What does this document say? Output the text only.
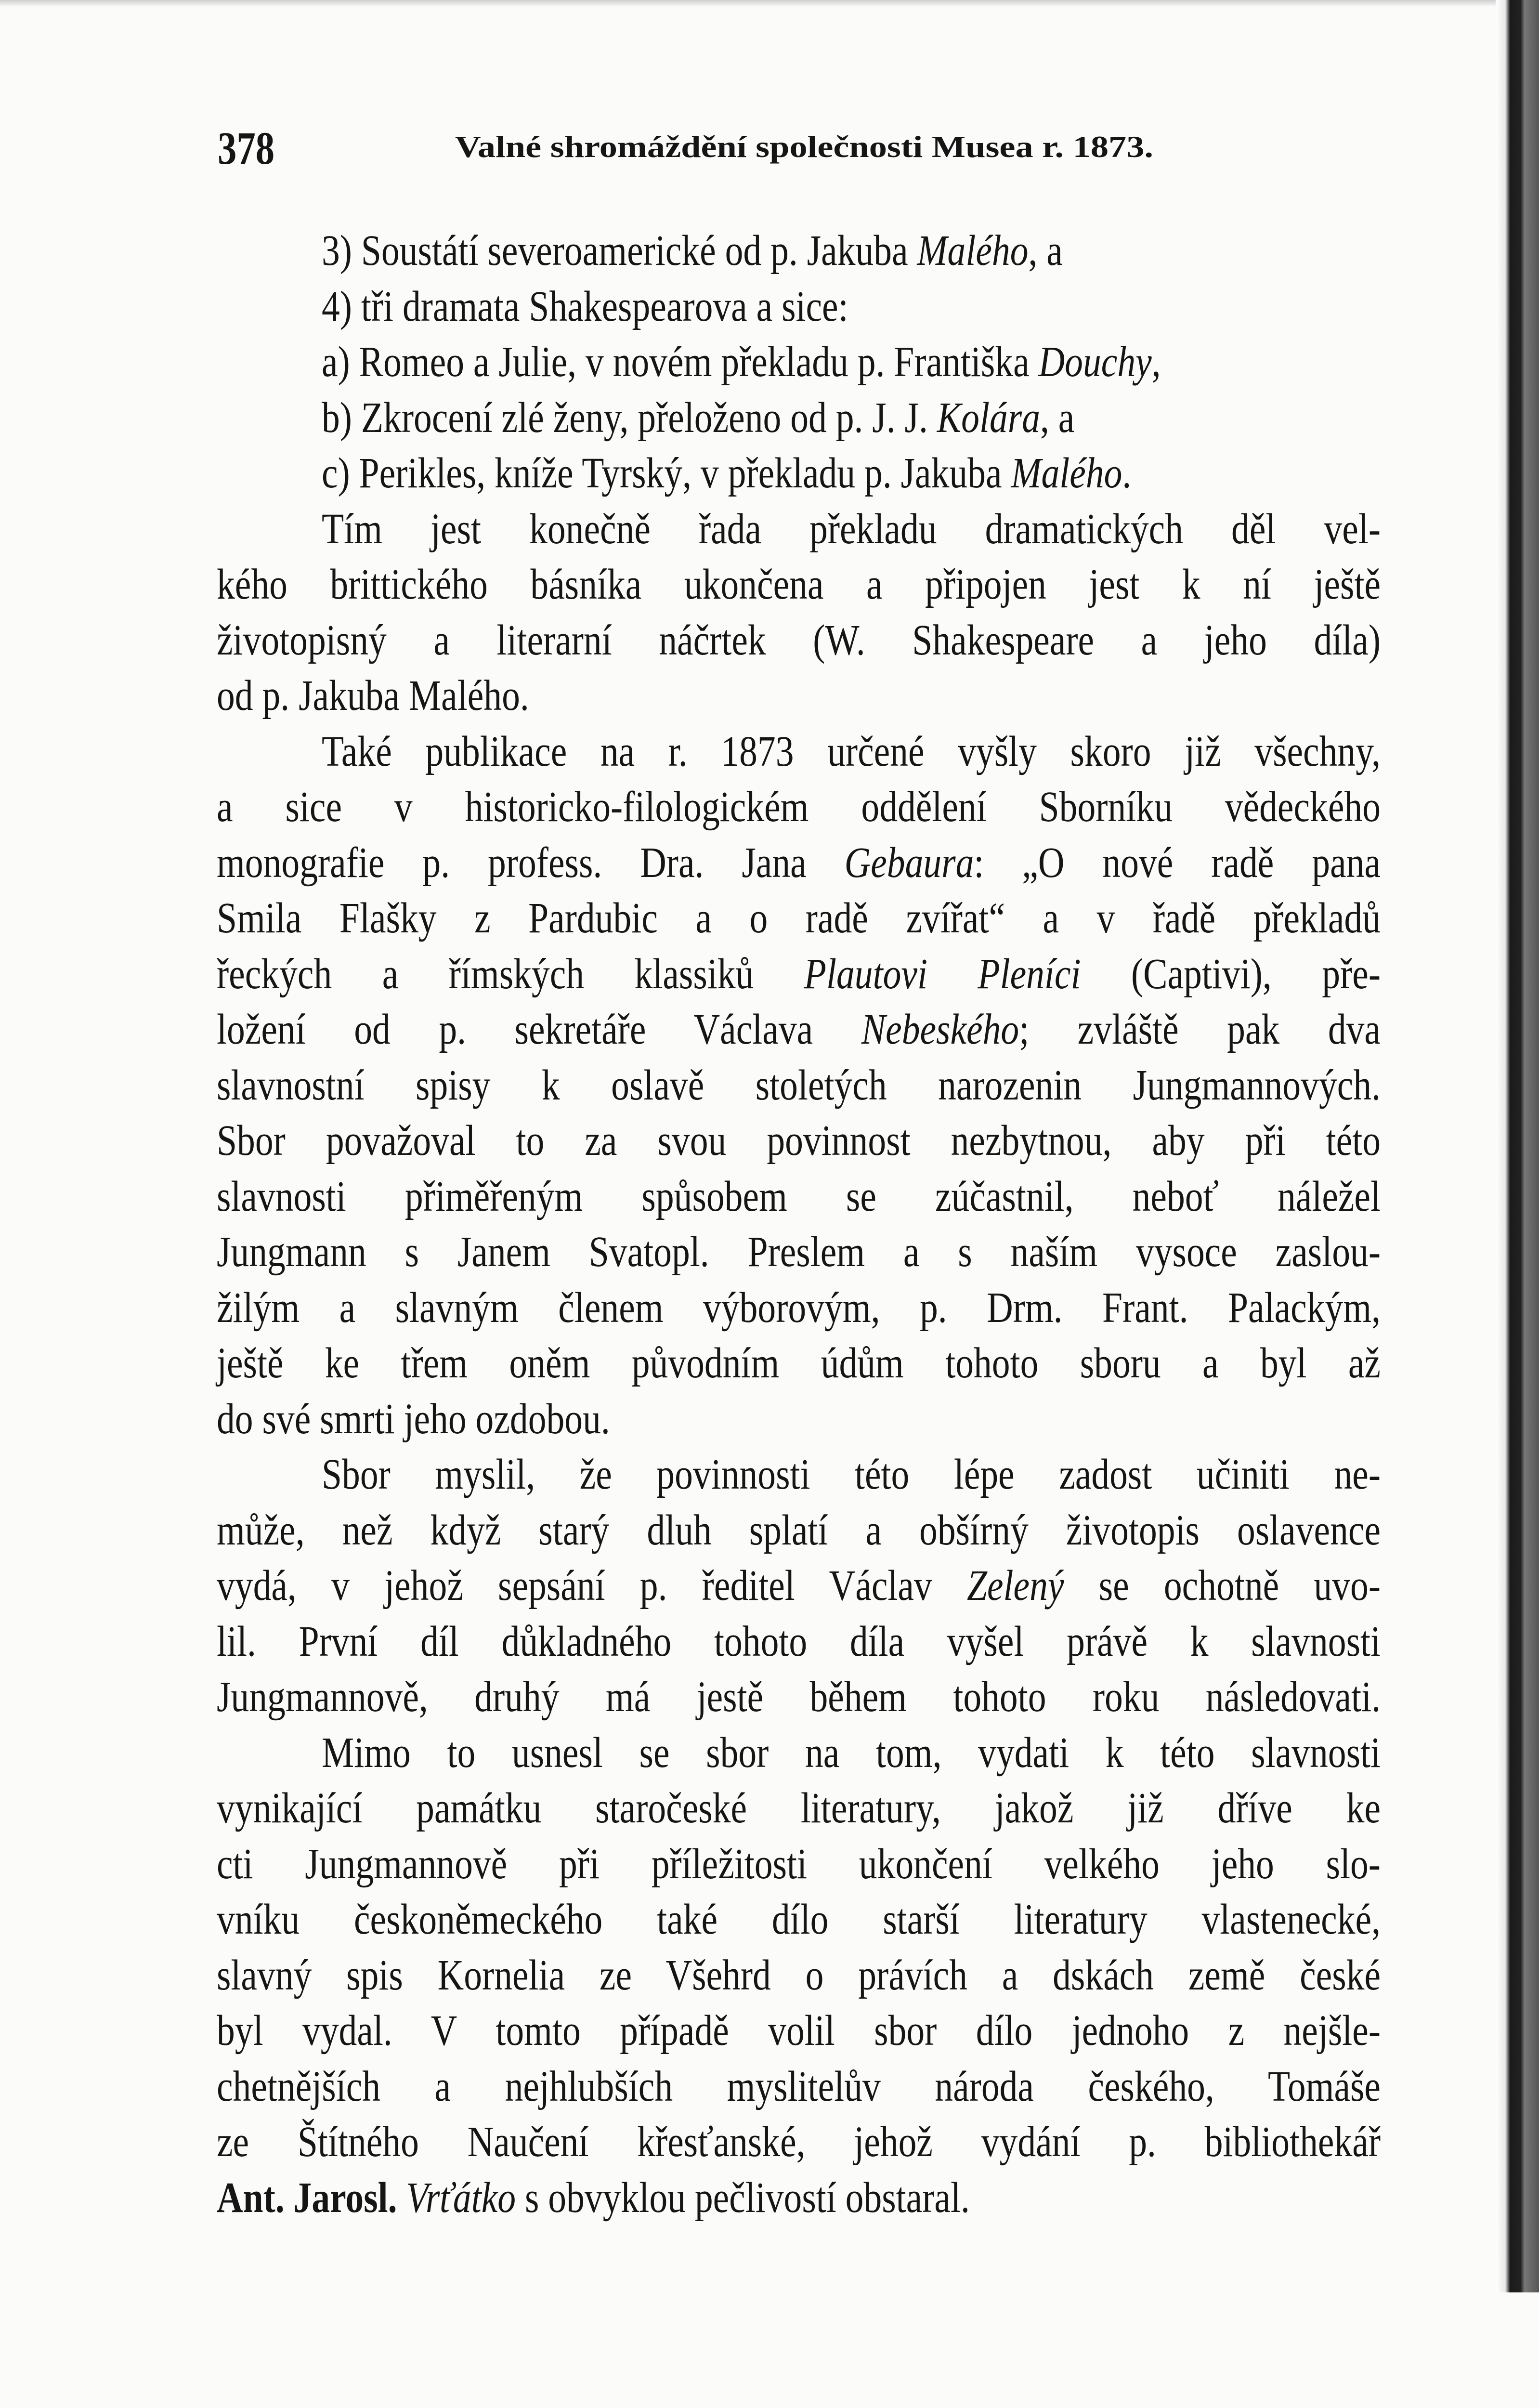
378	Valné shromáždění společnosti Musea r. 1873.
3) Soustátí severoamerické od p. Jakuba Malého, a
4) tři dramata Shakespearova a sice:
a) Romeo a Julie, v novém překladu p. Františka Douchy,
b) Zkrocení zlé ženy, přeloženo od p. J. J. Kolára, a
c) Perikles, kníže Tyrský, v překladu p. Jakuba Malého.
Tím jest konečně řada překladu dramatických děl vel-
kého brittického básníka ukončena a připojen jest k ní ještě
životopisný a literarní náčrtek (W. Shakespeare a jeho díla)
od p. Jakuba Malého.
Také publikace na r. 1873 určené vyšly skoro již všechny,
a sice v historicko-filologickém oddělení Sborníku vědeckého
monografie p. profess. Dra. Jana Gebaura: „O nové radě pana
Smila Flašky z Pardubic a o radě zvířat“ a v řadě překladů
řeckých a římských klassiků Plautovi Pleníci (Captivi), pře-
ložení od p. sekretáře Václava Nebeského; zvláště pak dva
slavnostní spisy k oslavě stoletých narozenin Jungmannových.
Sbor považoval to za svou povinnost nezbytnou, aby při této
slavnosti přiměřeným spůsobem se zúčastnil, neboť náležel
Jungmann s Janem Svatopl. Preslem a s naším vysoce zaslou-
žilým a slavným členem výborovým, p. Drm. Frant. Palackým,
ještě ke třem oněm původním údům tohoto sboru a byl až
do své smrti jeho ozdobou.
Sbor myslil, že povinnosti této lépe zadost učiniti ne-
může, než když starý dluh splatí a obšírný životopis oslavence
vydá, v jehož sepsání p. ředitel Václav Zelený se ochotně uvo-
lil. První díl důkladného tohoto díla vyšel právě k slavnosti
Jungmannově, druhý má jestě během tohoto roku následovati.
Mimo to usnesl se sbor na tom, vydati k této slavnosti
vynikající památku staročeské literatury, jakož již dříve ke
cti Jungmannově při příležitosti ukončení velkého jeho slo-
vníku českoněmeckého také dílo starší literatury vlastenecké,
slavný spis Kornelia ze Všehrd o právích a dskách země české
byl vydal. V tomto případě volil sbor dílo jednoho z nejšle-
chetnějších a nejhlubších myslitelův národa českého, Tomáše
ze Štítného Naučení křesťanské, jehož vydání p. bibliothekář
Ant. Jarosl. Vrťátko s obvyklou pečlivostí obstaral.
